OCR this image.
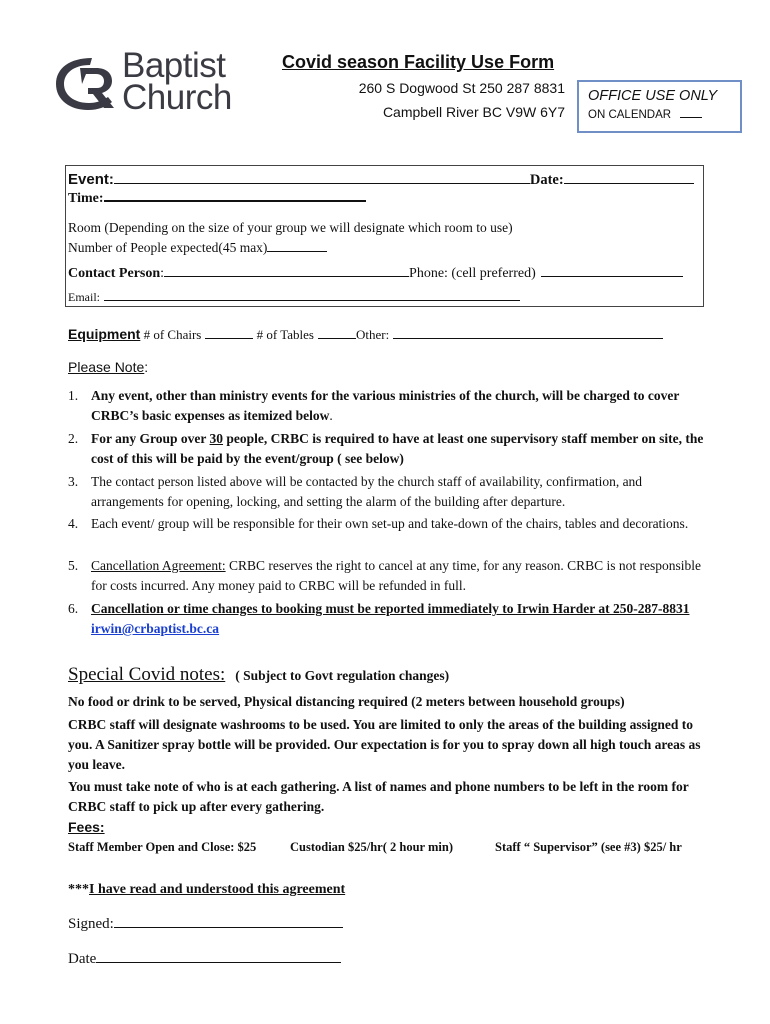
Baptist
Church
Covid season Facility Use Form
260 S Dogwood St 250 287 8831
Campbell River BC V9W 6Y7
OFFICE USE ONLY
ON CALENDAR
Event:	Date:
Time:
Room (Depending on the size of your group we will designate which room to use)
Number of People expected(45 max)
Contact Person:	Phone: (cell preferred)
Email:
Equipment # of Chairs	# of Tables	Other:
Please Note:
1. Any event, other than ministry events for the various ministries of the church, will be charged to cover CRBC’s basic expenses as itemized below.
2. For any Group over 30 people, CRBC is required to have at least one supervisory staff member on site, the cost of this will be paid by the event/group ( see below)
3. The contact person listed above will be contacted by the church staff of availability, confirmation, and arrangements for opening, locking, and setting the alarm of the building after departure.
4. Each event/ group will be responsible for their own set-up and take-down of the chairs, tables and decorations.
5. Cancellation Agreement: CRBC reserves the right to cancel at any time, for any reason. CRBC is not responsible for costs incurred. Any money paid to CRBC will be refunded in full.
6. Cancellation or time changes to booking must be reported immediately to Irwin Harder at 250-287-8831 irwin@crbaptist.bc.ca
Special Covid notes: ( Subject to Govt regulation changes)
No food or drink to be served, Physical distancing required (2 meters between household groups)
CRBC staff will designate washrooms to be used. You are limited to only the areas of the building assigned to you. A Sanitizer spray bottle will be provided. Our expectation is for you to spray down all high touch areas as you leave.
You must take note of who is at each gathering. A list of names and phone numbers to be left in the room for CRBC staff to pick up after every gathering.
Fees:
Staff Member Open and Close: $25	Custodian $25/hr( 2 hour min)	Staff “ Supervisor” (see #3) $25/ hr
***I have read and understood this agreement
Signed:
Date
